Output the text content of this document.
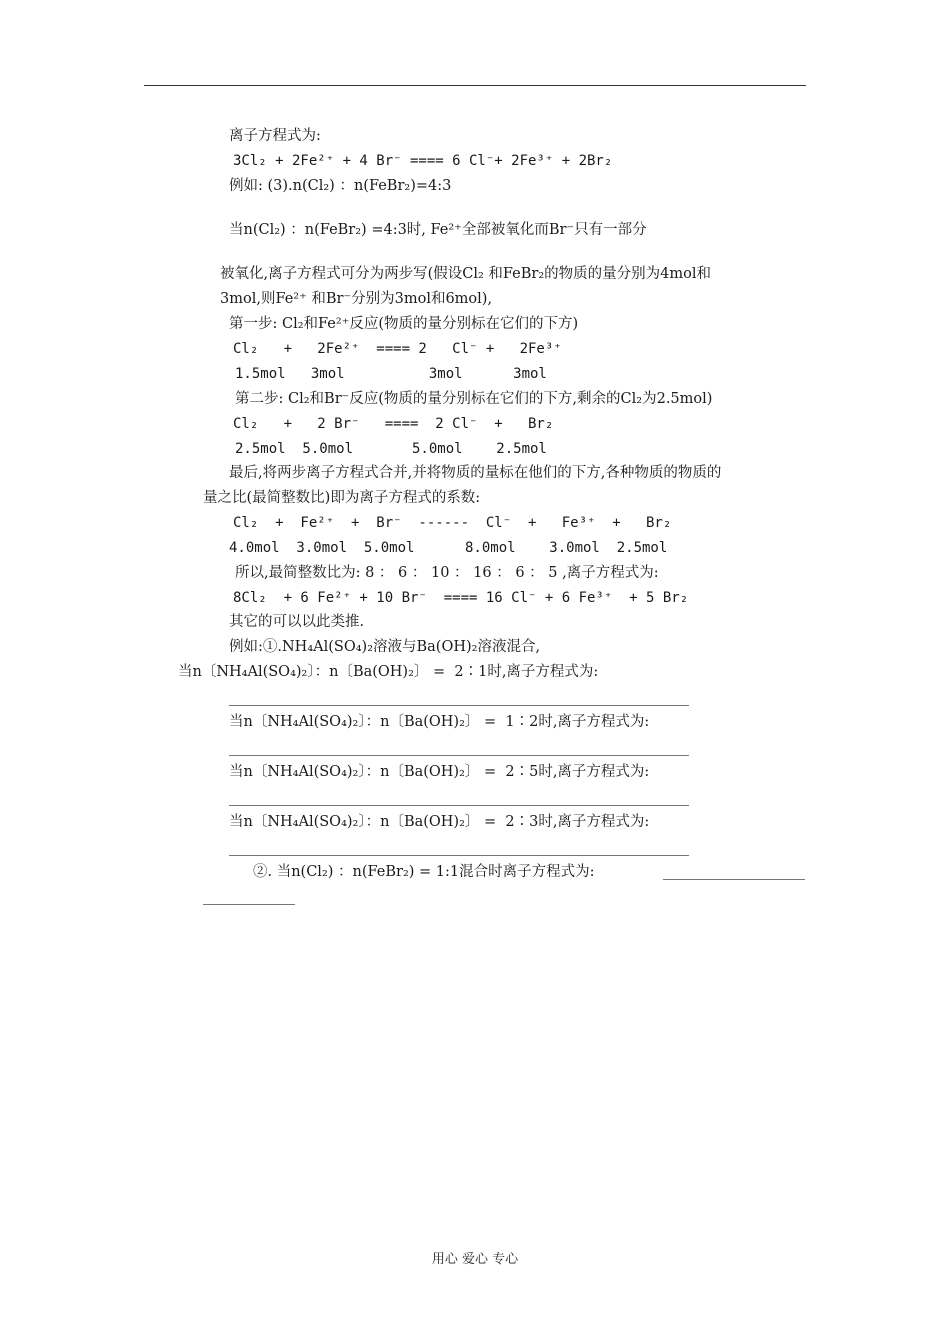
离子方程式为:
3Cl₂ + 2Fe²⁺ + 4 Br⁻ ==== 6 Cl⁻+ 2Fe³⁺ + 2Br₂
例如: (3).n(Cl₂) ：n(FeBr₂)=4:3
当n(Cl₂) ：n(FeBr₂) =4:3时, Fe²⁺全部被氧化而Br⁻只有一部分
被氧化,离子方程式可分为两步写(假设Cl₂ 和FeBr₂的物质的量分别为4mol和
3mol,则Fe²⁺ 和Br⁻分别为3mol和6mol),
第一步: Cl₂和Fe²⁺反应(物质的量分别标在它们的下方)
Cl₂   +   2Fe²⁺  ==== 2   Cl⁻ +   2Fe³⁺
1.5mol   3mol          3mol      3mol
第二步: Cl₂和Br⁻反应(物质的量分别标在它们的下方,剩余的Cl₂为2.5mol)
Cl₂   +   2 Br⁻   ====  2 Cl⁻  +   Br₂
2.5mol  5.0mol       5.0mol    2.5mol
最后,将两步离子方程式合并,并将物质的量标在他们的下方,各种物质的物质的
量之比(最简整数比)即为离子方程式的系数:
Cl₂  +  Fe²⁺  +  Br⁻  ------  Cl⁻  +   Fe³⁺  +   Br₂
4.0mol  3.0mol  5.0mol      8.0mol    3.0mol  2.5mol
所以,最简整数比为: 8 ： 6 ： 10 ： 16 ： 6 ： 5 ,离子方程式为:
8Cl₂  + 6 Fe²⁺ + 10 Br⁻  ==== 16 Cl⁻ + 6 Fe³⁺  + 5 Br₂
其它的可以以此类推.
例如:①.NH₄Al(SO₄)₂溶液与Ba(OH)₂溶液混合,
当n〔NH₄Al(SO₄)₂〕：n〔Ba(OH)₂〕 =  2∶1时,离子方程式为:
当n〔NH₄Al(SO₄)₂〕：n〔Ba(OH)₂〕 =  1∶2时,离子方程式为:
当n〔NH₄Al(SO₄)₂〕：n〔Ba(OH)₂〕 =  2∶5时,离子方程式为:
当n〔NH₄Al(SO₄)₂〕：n〔Ba(OH)₂〕 =  2∶3时,离子方程式为:
②. 当n(Cl₂) ：n(FeBr₂) = 1:1混合时离子方程式为:
用心 爱心 专心
